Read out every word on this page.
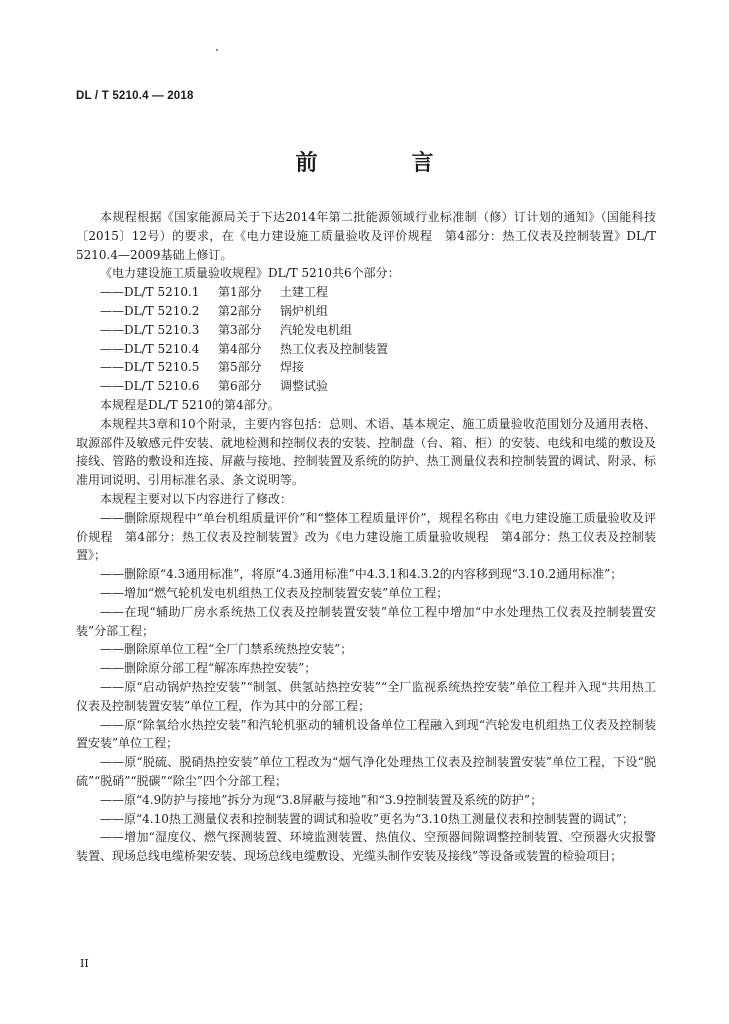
DL / T 5210.4 — 2018
前　言

本规程根据《国家能源局关于下达2014年第二批能源领域行业标准制（修）订计划的通知》（国能科技〔2015〕12号）的要求，在《电力建设施工质量验收及评价规程　第4部分：热工仪表及控制装置》DL/T 5210.4—2009基础上修订。

《电力建设施工质量验收规程》DL/T 5210共6个部分：

——DL/T 5210.1	第1部分	土建工程
——DL/T 5210.2	第2部分	锅炉机组
——DL/T 5210.3	第3部分	汽轮发电机组
——DL/T 5210.4	第4部分	热工仪表及控制装置
——DL/T 5210.5	第5部分	焊接
——DL/T 5210.6	第6部分	调整试验

本规程是DL/T 5210的第4部分。

本规程共3章和10个附录，主要内容包括：总则、术语、基本规定、施工质量验收范围划分及通用表格、取源部件及敏感元件安装、就地检测和控制仪表的安装、控制盘（台、箱、柜）的安装、电线和电缆的敷设及接线、管路的敷设和连接、屏蔽与接地、控制装置及系统的防护、热工测量仪表和控制装置的调试、附录、标准用词说明、引用标准名录、条文说明等。

本规程主要对以下内容进行了修改：

——删除原规程中“单台机组质量评价”和“整体工程质量评价”，规程名称由《电力建设施工质量验收及评价规程　第4部分：热工仪表及控制装置》改为《电力建设施工质量验收规程　第4部分：热工仪表及控制装置》；

——删除原“4.3通用标准”，将原“4.3通用标准”中4.3.1和4.3.2的内容移到现“3.10.2通用标准”；

——增加“燃气轮机发电机组热工仪表及控制装置安装”单位工程；

——在现“辅助厂房水系统热工仪表及控制装置安装”单位工程中增加“中水处理热工仪表及控制装置安装”分部工程；

——删除原单位工程“全厂门禁系统热控安装”；

——删除原分部工程“解冻库热控安装”；

——原“启动锅炉热控安装”“制氢、供氢站热控安装”“全厂监视系统热控安装”单位工程并入现“共用热工仪表及控制装置安装”单位工程，作为其中的分部工程；

——原“除氧给水热控安装”和汽轮机驱动的辅机设备单位工程融入到现“汽轮发电机组热工仪表及控制装置安装”单位工程；

——原“脱硫、脱硝热控安装”单位工程改为“烟气净化处理热工仪表及控制装置安装”单位工程，下设“脱硫”“脱硝”“脱碳”“除尘”四个分部工程；

——原“4.9防护与接地”拆分为现“3.8屏蔽与接地”和“3.9控制装置及系统的防护”；

——原“4.10热工测量仪表和控制装置的调试和验收”更名为“3.10热工测量仪表和控制装置的调试”；

——增加“湿度仪、燃气探测装置、环境监测装置、热值仪、空预器间隙调整控制装置、空预器火灾报警装置、现场总线电缆桥架安装、现场总线电缆敷设、光缆头制作安装及接线”等设备或装置的检验项目；

II
